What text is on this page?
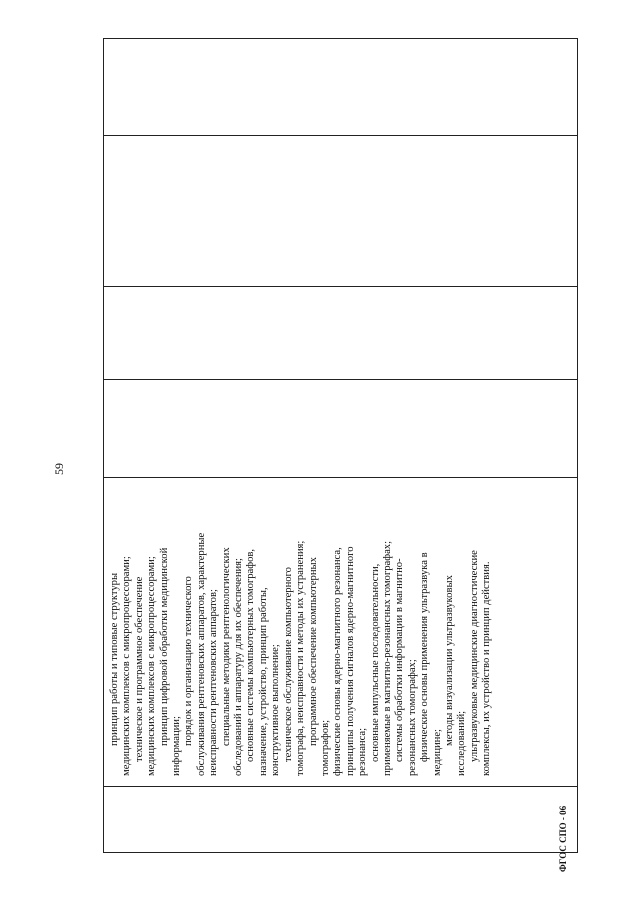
59
принцип работы и типовые структуры медицинских комплексов с микропроцессорами; техническое и программное обеспечение медицинских комплексов с микропроцессорами; принцип цифровой обработки медицинской
информации;
порядок и организацию технического обслуживания рентгеновских аппаратов, характерные неисправности рентгеновских аппаратов; специальные методики рентгенологических обследований и аппаратуру для их обеспечения; основные системы компьютерных томографов, назначение, устройство, принцип работы, конструктивное выполнение; техническое обслуживание компьютерного томографа, неисправности и методы их устранения; программное обеспечение компьютерных
томографов; физические основы ядерно-магнитного резонанса, принципы получения сигналов ядерно-магнитного резонанса; основные импульсные последовательности, применяемые в магнитно-резонансных томографах; системы обработки информации в магнитно- резонансных томографах; физические основы применения ультразвука в медицине;
методы визуализации ультразвуковых исследований; ультразвуковые медицинские диагностические комплексы, их устройство и принцип действия.
ФГОС СПО - 06
